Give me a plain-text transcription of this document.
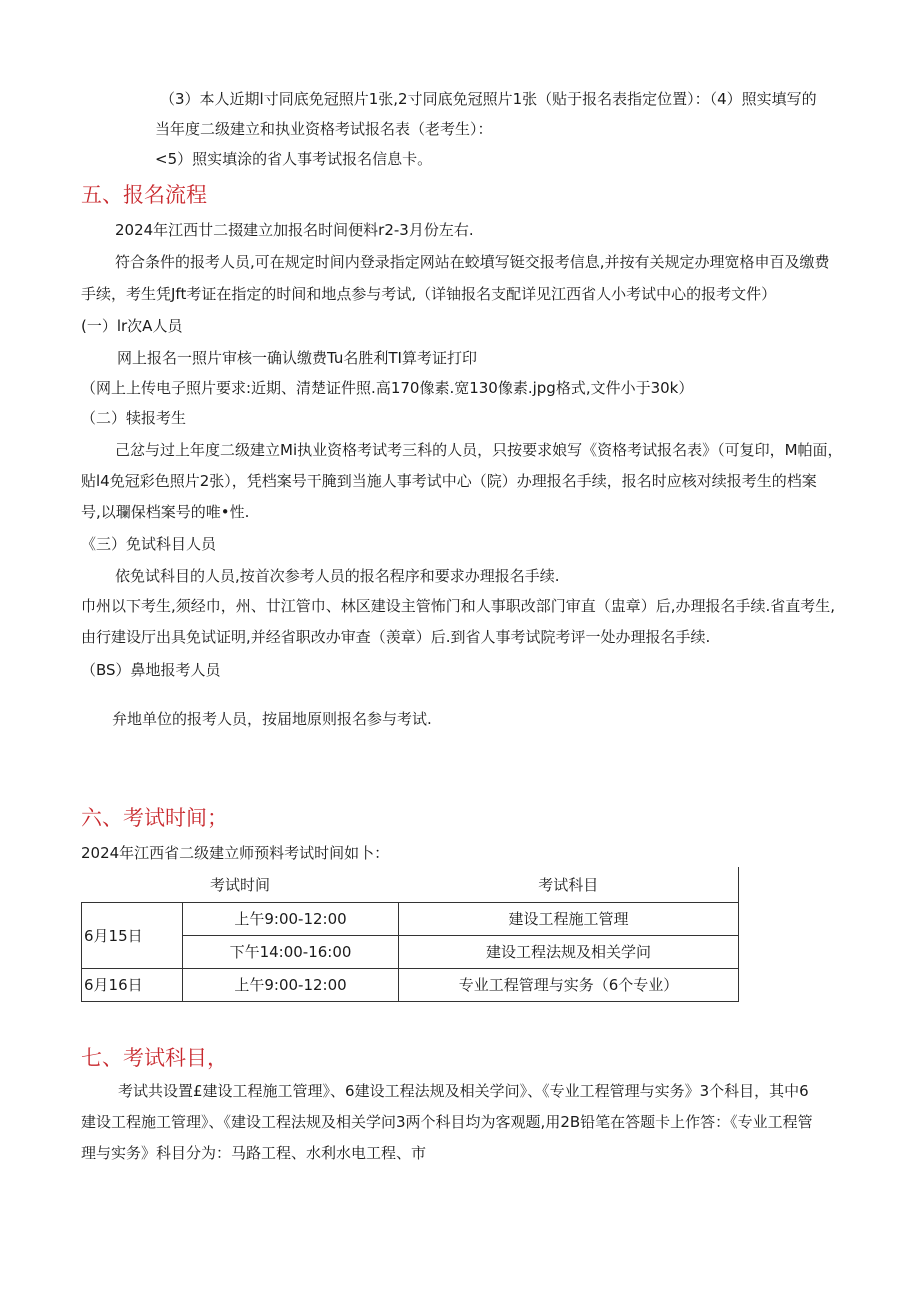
（3）本人近期l寸同底免冠照片1张,2寸同底免冠照片1张（贴于报名表指定位置）：（4）照实填写的

当年度二级建立和执业资格考试报名表（老考生）：

<5）照实填涂的省人事考试报名信息卡。

五、报名流程

2024年江西廿二掇建立加报名时间便料r2-3月份左右.

符合条件的报考人员,可在规定时间内登录指定网站在蛟墳写铤交报考信息,并按有关规定办理宽格申百及缴费

手续，考生凭Jft考证在指定的时间和地点参与考试,（详铀报名支配详见江西省人小考试中心的报考文件）

(一）lr次A人员

网上报名一照片审核一确认缴费Tu名胜利TI算考证打印

（网上上传电子照片要求:近期、清楚证件照.高170像素.宽130像素.jpg格式,文件小于30k）

（二）犊报考生

己忿与过上年度二级建立Mi执业资格考试考三科的人员，只按要求娘写《资格考试报名表》（可复印，M帕面，

贴l4免冠彩色照片2张），凭档案号干腌到当施人事考试中心（院）办理报名手续，报名时应核对续报考生的档案

号,以瓓保档案号的唯•性.

《三）免试科目人员

依免试科目的人员,按首次参考人员的报名程序和要求办理报名手续.

巾州以下考生,须经巾，州、廿江管巾、林区建设主管怖门和人事职改部门审直（盅章）后,办理报名手续.省直考生,

由行建设厅出具免试证明,并经省职改办审查（羡章）后.到省人事考试院考评一处办理报名手续.

（BS）鼻地报考人员

弁地单位的报考人员，按届地原则报名参与考试.

六、考试时间；

2024年江西省二级建立师预料考试时间如卜：

考试时间		考试科目
6月15日	上午9:00-12:00	建设工程施工管理
	下午14:00-16:00	建设工程法规及相关学问
6月16日	上午9:00-12:00	专业工程管理与实务（6个专业）
七、考试科目，

考试共设置£建设工程施工管理》、6建设工程法规及相关学问》、《专业工程管理与实务》3个科目，其中6

建设工程施工管理》、《建设工程法规及相关学问3两个科目均为客观题,用2B铅笔在答题卡上作答：《专业工程管

理与实务》科目分为：马路工程、水利水电工程、市
